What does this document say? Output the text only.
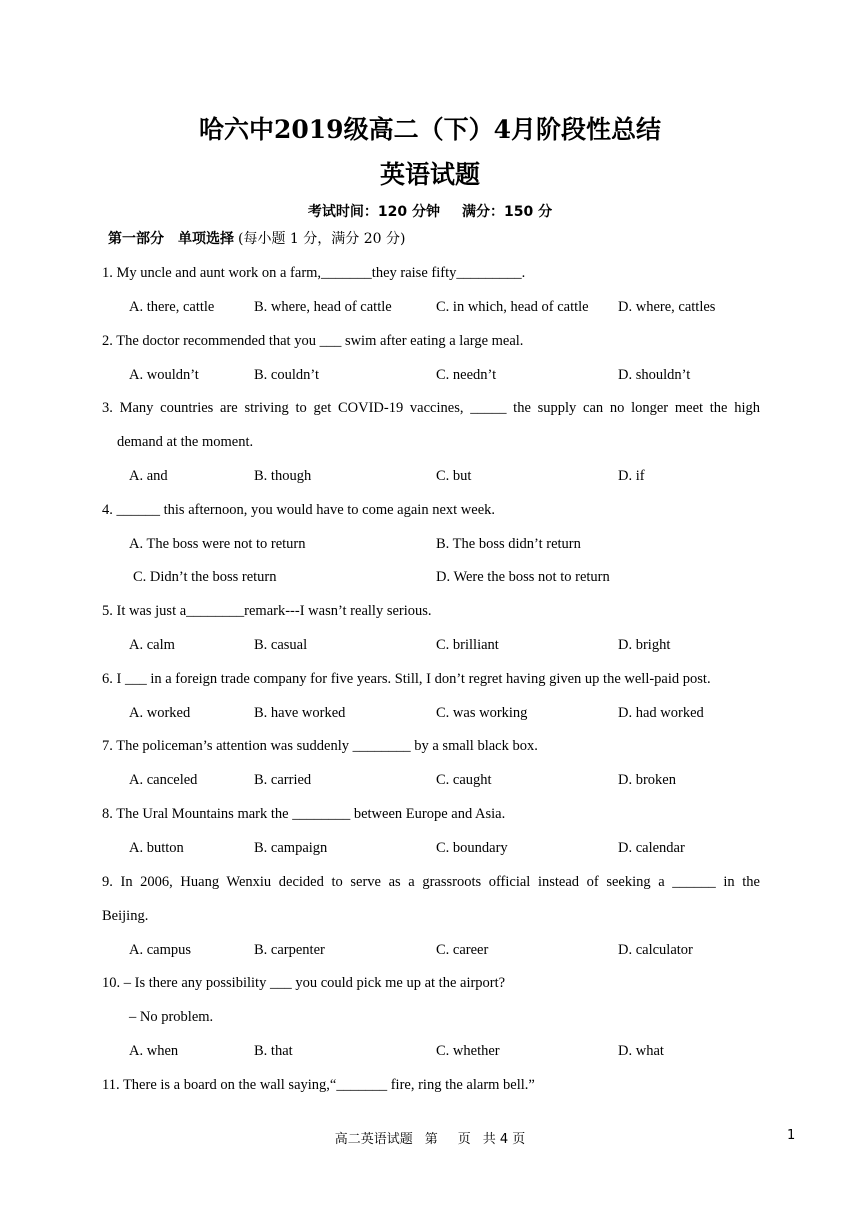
哈六中2019级高二（下）4月阶段性总结
英语试题
考试时间：120 分钟 满分：150 分
第一部分　单项选择 (每小题 1 分，满分 20 分)
1. My uncle and aunt work on a farm,_______they raise fifty_________.
A. there, cattle	B. where, head of cattle	C. in which, head of cattle D. where, cattles
2. The doctor recommended that you ___ swim after eating a large meal.
A. wouldn’t	B. couldn’t	C. needn’t	D. shouldn’t
3. Many countries are striving to get COVID-19 vaccines, _____ the supply can no longer meet the high
demand at the moment.
A. and	B. though	C. but	D. if
4. ______ this afternoon, you would have to come again next week.
A. The boss were not to return	B. The boss didn’t return
C. Didn’t the boss return	D. Were the boss not to return
5. It was just a________remark---I wasn’t really serious.
A. calm	B. casual	C. brilliant	D. bright
6. I ___ in a foreign trade company for five years. Still, I don’t regret having given up the well-paid post.
A. worked	B. have worked	C. was working	D. had worked
7. The policeman’s attention was suddenly ________ by a small black box.
A. canceled	B. carried	C. caught	D. broken
8. The Ural Mountains mark the ________ between Europe and Asia.
A. button	B. campaign	C. boundary	D. calendar
9. In 2006, Huang Wenxiu decided to serve as a grassroots official instead of seeking a ______ in the
Beijing.
A. campus	B. carpenter	C. career	D. calculator
10. – Is there any possibility ___ you could pick me up at the airport?
– No problem.
A. when	B. that	C. whether	D. what
11. There is a board on the wall saying,“_______ fire, ring the alarm bell.”
高二英语试题 第 页 共 4 页	1
